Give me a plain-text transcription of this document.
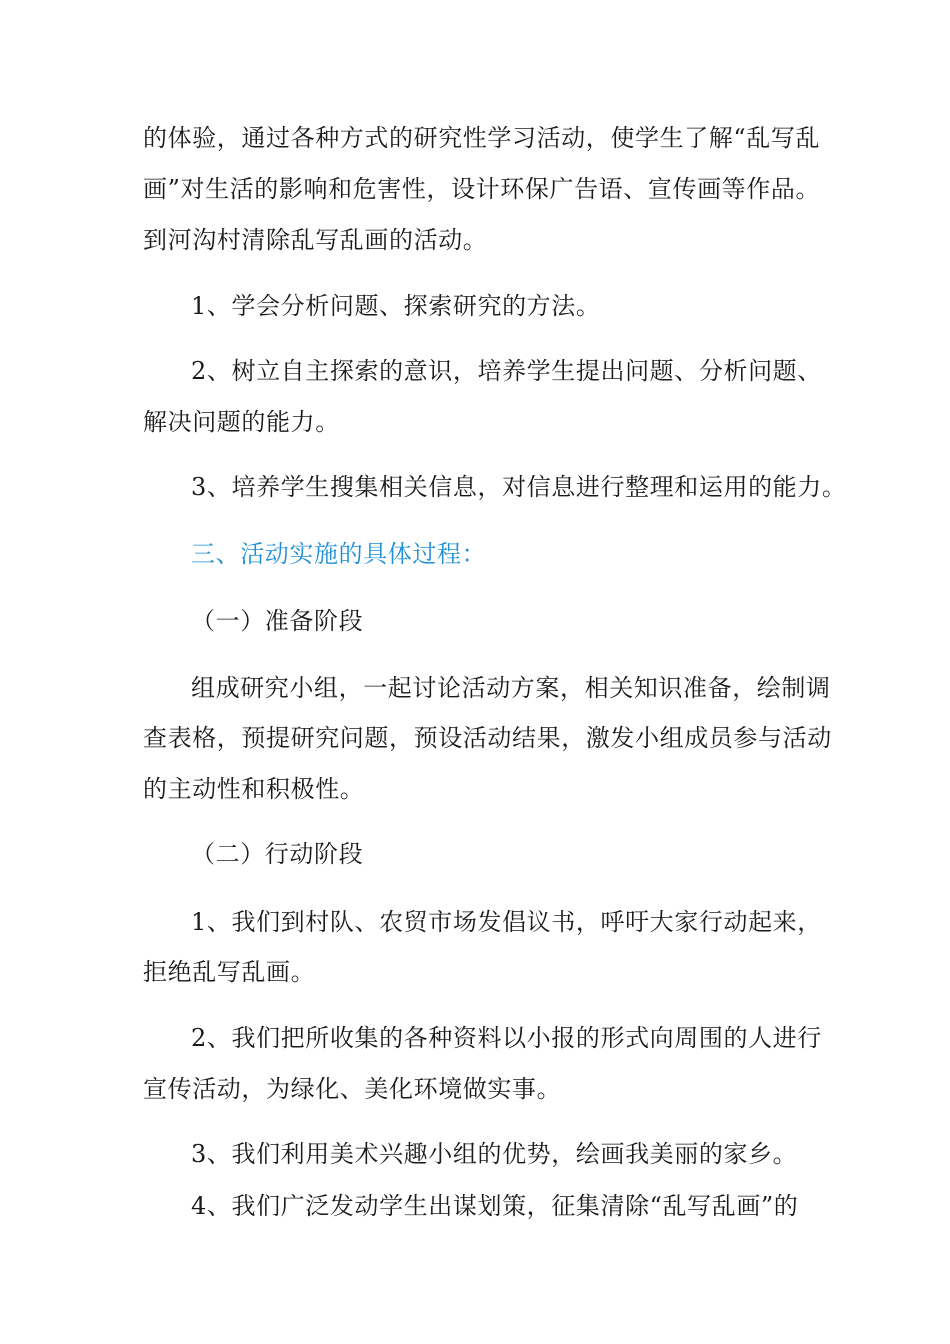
的体验，通过各种方式的研究性学习活动，使学生了解“乱写乱
画”对生活的影响和危害性，设计环保广告语、宣传画等作品。
到河沟村清除乱写乱画的活动。
1、学会分析问题、探索研究的方法。
2、树立自主探索的意识，培养学生提出问题、分析问题、
解决问题的能力。
3、培养学生搜集相关信息，对信息进行整理和运用的能力。
三、活动实施的具体过程：
（一）准备阶段
组成研究小组，一起讨论活动方案，相关知识准备，绘制调
查表格，预提研究问题，预设活动结果，激发小组成员参与活动
的主动性和积极性。
（二）行动阶段
1、我们到村队、农贸市场发倡议书，呼吁大家行动起来，
拒绝乱写乱画。
2、我们把所收集的各种资料以小报的形式向周围的人进行
宣传活动，为绿化、美化环境做实事。
3、我们利用美术兴趣小组的优势，绘画我美丽的家乡。
4、我们广泛发动学生出谋划策，征集清除“乱写乱画”的
